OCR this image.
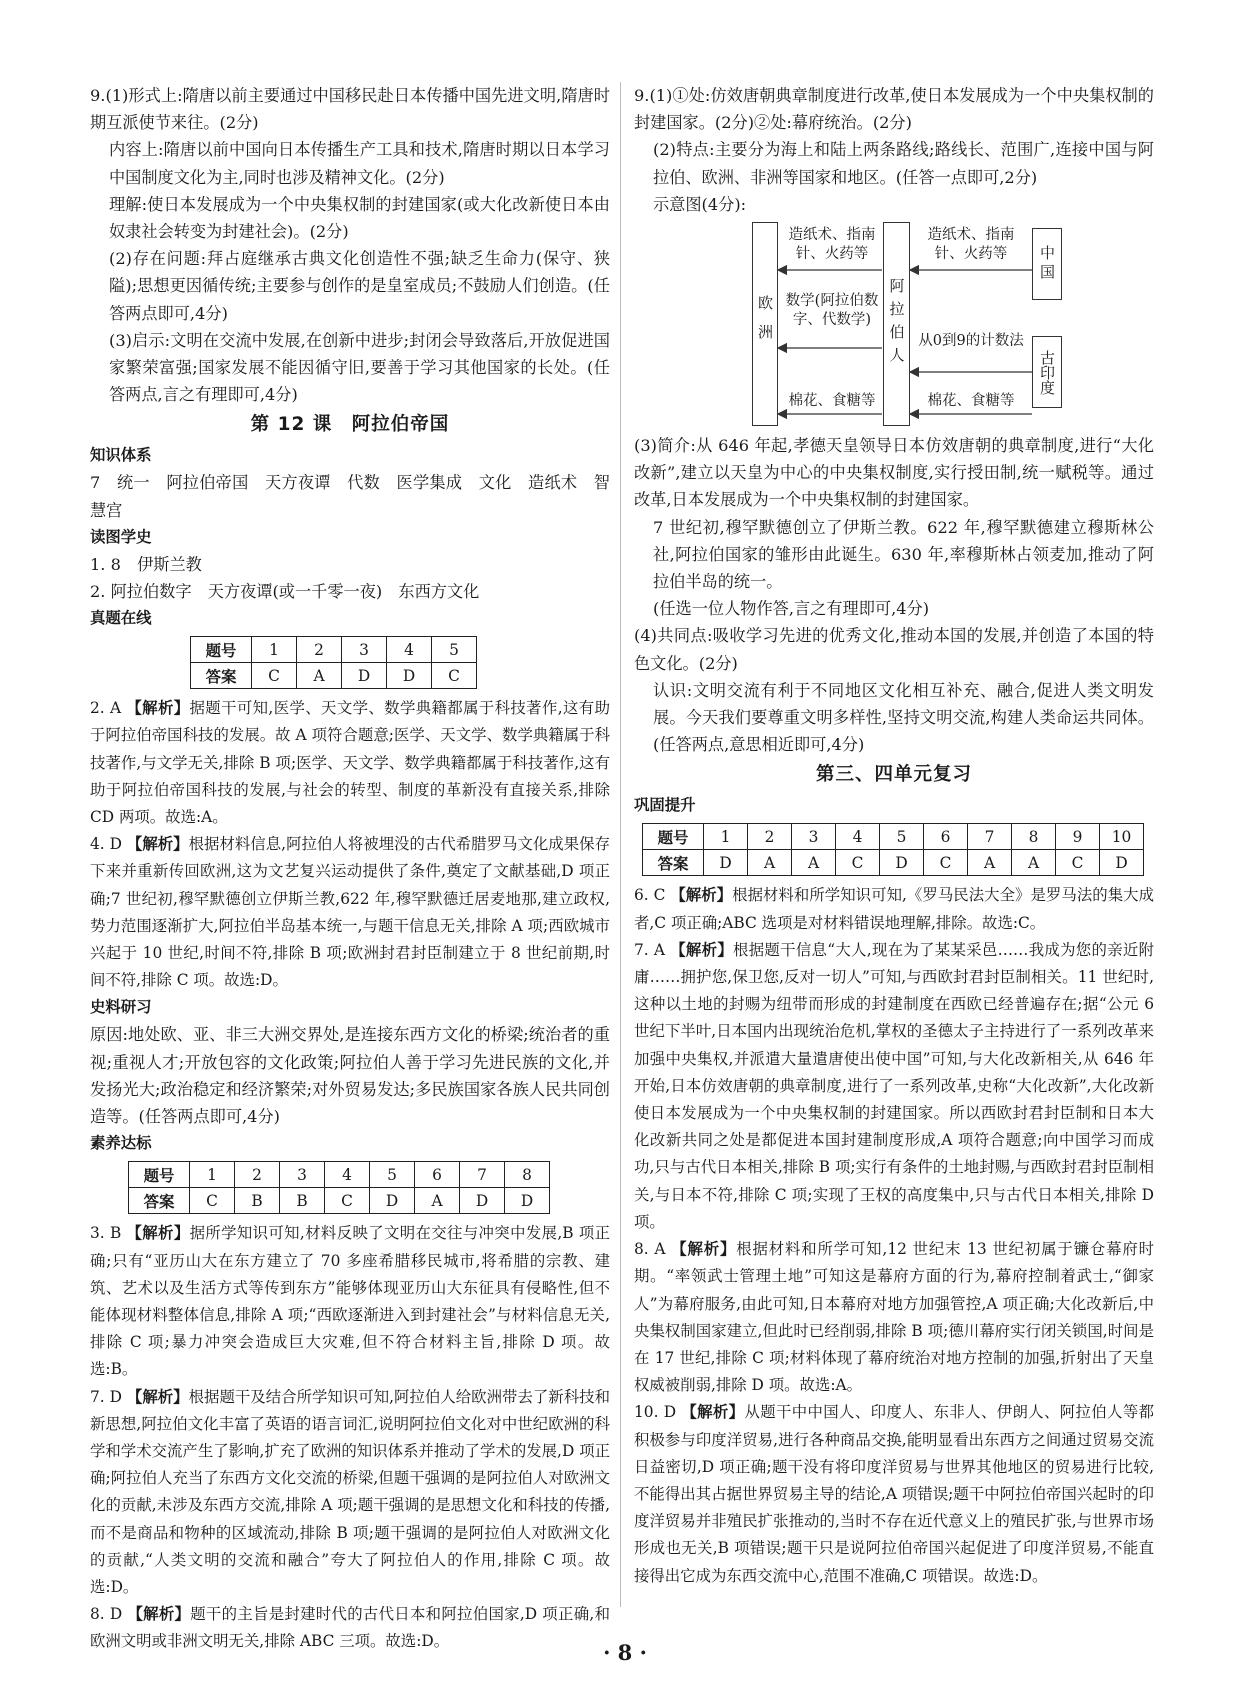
9.(1)形式上:隋唐以前主要通过中国移民赴日本传播中国先进文明,隋唐时期互派使节来往。(2分)

内容上:隋唐以前中国向日本传播生产工具和技术,隋唐时期以日本学习中国制度文化为主,同时也涉及精神文化。(2分)

理解:使日本发展成为一个中央集权制的封建国家(或大化改新使日本由奴隶社会转变为封建社会)。(2分)

(2)存在问题:拜占庭继承古典文化创造性不强;缺乏生命力(保守、狭隘);思想更因循传统;主要参与创作的是皇室成员;不鼓励人们创造。(任答两点即可,4分)

(3)启示:文明在交流中发展,在创新中进步;封闭会导致落后,开放促进国家繁荣富强;国家发展不能因循守旧,要善于学习其他国家的长处。(任答两点,言之有理即可,4分)

第 12 课　阿拉伯帝国
知识体系

7　统一　阿拉伯帝国　天方夜谭　代数　医学集成　文化　造纸术　智慧宫

读图学史

1. 8　伊斯兰教

2. 阿拉伯数字　天方夜谭(或一千零一夜)　东西方文化

真题在线
题号	1	2	3	4	5
答案	C	A	D	D	C

2. A 【解析】据题干可知,医学、天文学、数学典籍都属于科技著作,这有助于阿拉伯帝国科技的发展。故 A 项符合题意;医学、天文学、数学典籍属于科技著作,与文学无关,排除 B 项;医学、天文学、数学典籍都属于科技著作,这有助于阿拉伯帝国科技的发展,与社会的转型、制度的革新没有直接关系,排除 CD 两项。故选:A。

4. D 【解析】根据材料信息,阿拉伯人将被埋没的古代希腊罗马文化成果保存下来并重新传回欧洲,这为文艺复兴运动提供了条件,奠定了文献基础,D 项正确;7 世纪初,穆罕默德创立伊斯兰教,622 年,穆罕默德迁居麦地那,建立政权,势力范围逐渐扩大,阿拉伯半岛基本统一,与题干信息无关,排除 A 项;西欧城市兴起于 10 世纪,时间不符,排除 B 项;欧洲封君封臣制建立于 8 世纪前期,时间不符,排除 C 项。故选:D。

史料研习

原因:地处欧、亚、非三大洲交界处,是连接东西方文化的桥梁;统治者的重视;重视人才;开放包容的文化政策;阿拉伯人善于学习先进民族的文化,并发扬光大;政治稳定和经济繁荣;对外贸易发达;多民族国家各族人民共同创造等。(任答两点即可,4分)

素养达标
题号	1	2	3	4	5	6	7	8
答案	C	B	B	C	D	A	D	D

3. B 【解析】据所学知识可知,材料反映了文明在交往与冲突中发展,B 项正确;只有“亚历山大在东方建立了 70 多座希腊移民城市,将希腊的宗教、建筑、艺术以及生活方式等传到东方”能够体现亚历山大东征具有侵略性,但不能体现材料整体信息,排除 A 项;“西欧逐渐进入到封建社会”与材料信息无关,排除 C 项;暴力冲突会造成巨大灾难,但不符合材料主旨,排除 D 项。故选:B。

7. D 【解析】根据题干及结合所学知识可知,阿拉伯人给欧洲带去了新科技和新思想,阿拉伯文化丰富了英语的语言词汇,说明阿拉伯文化对中世纪欧洲的科学和学术交流产生了影响,扩充了欧洲的知识体系并推动了学术的发展,D 项正确;阿拉伯人充当了东西方文化交流的桥梁,但题干强调的是阿拉伯人对欧洲文化的贡献,未涉及东西方交流,排除 A 项;题干强调的是思想文化和科技的传播,而不是商品和物种的区域流动,排除 B 项;题干强调的是阿拉伯人对欧洲文化的贡献,“人类文明的交流和融合”夸大了阿拉伯人的作用,排除 C 项。故选:D。

8. D 【解析】题干的主旨是封建时代的古代日本和阿拉伯国家,D 项正确,和欧洲文明或非洲文明无关,排除 ABC 三项。故选:D。

9.(1)①处:仿效唐朝典章制度进行改革,使日本发展成为一个中央集权制的封建国家。(2分)②处:幕府统治。(2分)

(2)特点:主要分为海上和陆上两条路线;路线长、范围广,连接中国与阿拉伯、欧洲、非洲等国家和地区。(任答一点即可,2分)

示意图(4分):

欧洲	阿拉伯人
中国
古印度
造纸术、指南针、火药等
数学(阿拉伯数字、代数学)
棉花、食糖等
造纸术、指南针、火药等
从0到9的计数法
棉花、食糖等

(3)简介:从 646 年起,孝德天皇领导日本仿效唐朝的典章制度,进行“大化改新”,建立以天皇为中心的中央集权制度,实行授田制,统一赋税等。通过改革,日本发展成为一个中央集权制的封建国家。

7 世纪初,穆罕默德创立了伊斯兰教。622 年,穆罕默德建立穆斯林公社,阿拉伯国家的雏形由此诞生。630 年,率穆斯林占领麦加,推动了阿拉伯半岛的统一。

(任选一位人物作答,言之有理即可,4分)

(4)共同点:吸收学习先进的优秀文化,推动本国的发展,并创造了本国的特色文化。(2分)

认识:文明交流有利于不同地区文化相互补充、融合,促进人类文明发展。今天我们要尊重文明多样性,坚持文明交流,构建人类命运共同体。(任答两点,意思相近即可,4分)

第三、四单元复习
巩固提升
题号	1	2	3	4	5	6	7	8	9	10
答案	D	A	A	C	D	C	A	A	C	D

6. C 【解析】根据材料和所学知识可知,《罗马民法大全》是罗马法的集大成者,C 项正确;ABC 选项是对材料错误地理解,排除。故选:C。

7. A 【解析】根据题干信息“大人,现在为了某某采邑……我成为您的亲近附庸……拥护您,保卫您,反对一切人”可知,与西欧封君封臣制相关。11 世纪时,这种以土地的封赐为纽带而形成的封建制度在西欧已经普遍存在;据“公元 6 世纪下半叶,日本国内出现统治危机,掌权的圣德太子主持进行了一系列改革来加强中央集权,并派遣大量遣唐使出使中国”可知,与大化改新相关,从 646 年开始,日本仿效唐朝的典章制度,进行了一系列改革,史称“大化改新”,大化改新使日本发展成为一个中央集权制的封建国家。所以西欧封君封臣制和日本大化改新共同之处是都促进本国封建制度形成,A 项符合题意;向中国学习而成功,只与古代日本相关,排除 B 项;实行有条件的土地封赐,与西欧封君封臣制相关,与日本不符,排除 C 项;实现了王权的高度集中,只与古代日本相关,排除 D 项。

8. A 【解析】根据材料和所学可知,12 世纪末 13 世纪初属于镰仓幕府时期。“率领武士管理土地”可知这是幕府方面的行为,幕府控制着武士,“御家人”为幕府服务,由此可知,日本幕府对地方加强管控,A 项正确;大化改新后,中央集权制国家建立,但此时已经削弱,排除 B 项;德川幕府实行闭关锁国,时间是在 17 世纪,排除 C 项;材料体现了幕府统治对地方控制的加强,折射出了天皇权威被削弱,排除 D 项。故选:A。

10. D 【解析】从题干中中国人、印度人、东非人、伊朗人、阿拉伯人等都积极参与印度洋贸易,进行各种商品交换,能明显看出东西方之间通过贸易交流日益密切,D 项正确;题干没有将印度洋贸易与世界其他地区的贸易进行比较,不能得出其占据世界贸易主导的结论,A 项错误;题干中阿拉伯帝国兴起时的印度洋贸易并非殖民扩张推动的,当时不存在近代意义上的殖民扩张,与世界市场形成也无关,B 项错误;题干只是说阿拉伯帝国兴起促进了印度洋贸易,不能直接得出它成为东西交流中心,范围不准确,C 项错误。故选:D。

· 8 ·
